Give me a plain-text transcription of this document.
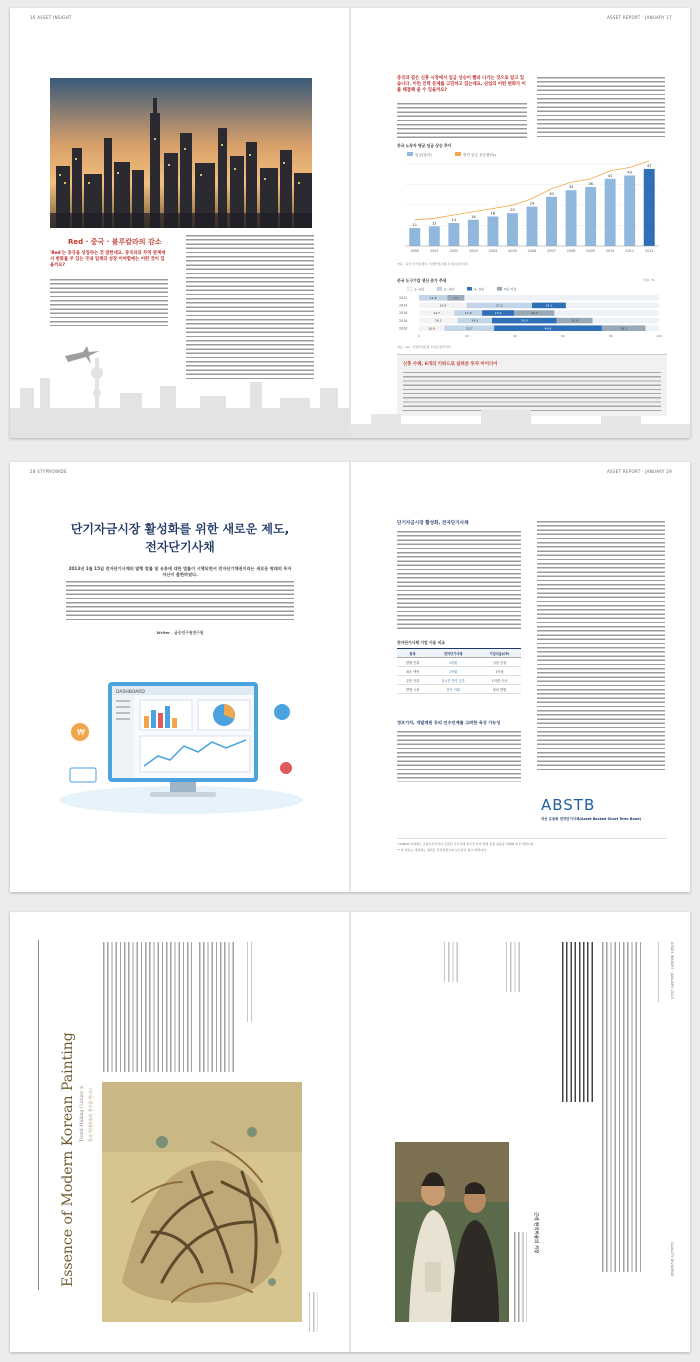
16 ASSET INSIGHT
Red · 중국 · 불루칼라의 감소
'Red'는 중국을 상징하는 것 말한대요. 중국과의 무역 관계에서 변화를 주 있는 국내 업계의 성장 이야함에는 어떤 것이 있을까요?
ASSET REPORT · JANUARY 17
중국과 같은 신흥 시장에서 임금 상승이 빨라 나가는 것으로 알고 있습니다. 이런 인력 문제를 고민하고 있는데요, 산업의 어떤 변화가 이를 해결해 줄 수 있을까요?
중국 노동자 평균 임금 상승 추이
임금(달러)	연간 임금 상승률(%)
11
2000
12
2001
14
2002
16
2003
18
2004
20
2005
24
2006
30
2007
34
2008
36
2009
41
2010
43
2011
47
2012
자료 : 중국 국가통계국, 서경산업은행 투자증권리서치
중국 도구기업 생산 증가 추세	단위 : %
1~2년	2~4년	4~5년	5년 이상
2012	11.8	7.1
2014	19.9	27.2	14.1
2016	14.7	11.6	13.4	16.7
2018	16.1	14.3	26.9	15.0
2020	10.6	20.7	44.9	18.2
0	20	40	60	80	100
자료 : Lin, 서경산업은행 투자증권리서치
신흥 수혜, 6개의 키워드로 살펴본 투자 아이디어
28 STYPROWIDE
단기자금시장 활성화를 위한 새로운 제도,
전자단기사채
2013년 1월 15일 전자단기사채의 발행 법률 및 유통에 대한 법률이 시행되면서 전자단기채권이라는 새로운 형태의 투자 자산이 출현하였다.
Writer . 금융연구원연구원
DASHBOARD
₩
ASSET REPORT · JANUARY 29
단기자금시장 활성화, 전자단기사채
전자단기사채 기업 이용 비교
항목	전자단기사채	기업어음(CP)
발행 단위	1억원	실물 증권
최소 액면	1억원	1억원
유통 단위	실시간 전자 등록	1억원 이상
발행 시장	전자 거래	장외 발행
정보가치, 개발재원 등의 인수인계를 고려한 육성 가능성
ABSTB
자산 유동화 전자단기사채(Asset Backed Short Term Bond)
* K-NICP 이외에도 금융투자신탁이 포함된 단기사채 외국인 투자 법령 통용 내용을 미래의 비교 바랍니다.
** 본 자료는 예상되는 결과로 작성되었으며 보도자료 참고 바랍니다.
Essence of Modern Korean Painting Trend Making Culture ① 한국 현대미술의 정수를 만나다
ASSET INSIGHT · JANUARY 2013
QUALITY DIVIDEND
근대 한국미술의 거장
